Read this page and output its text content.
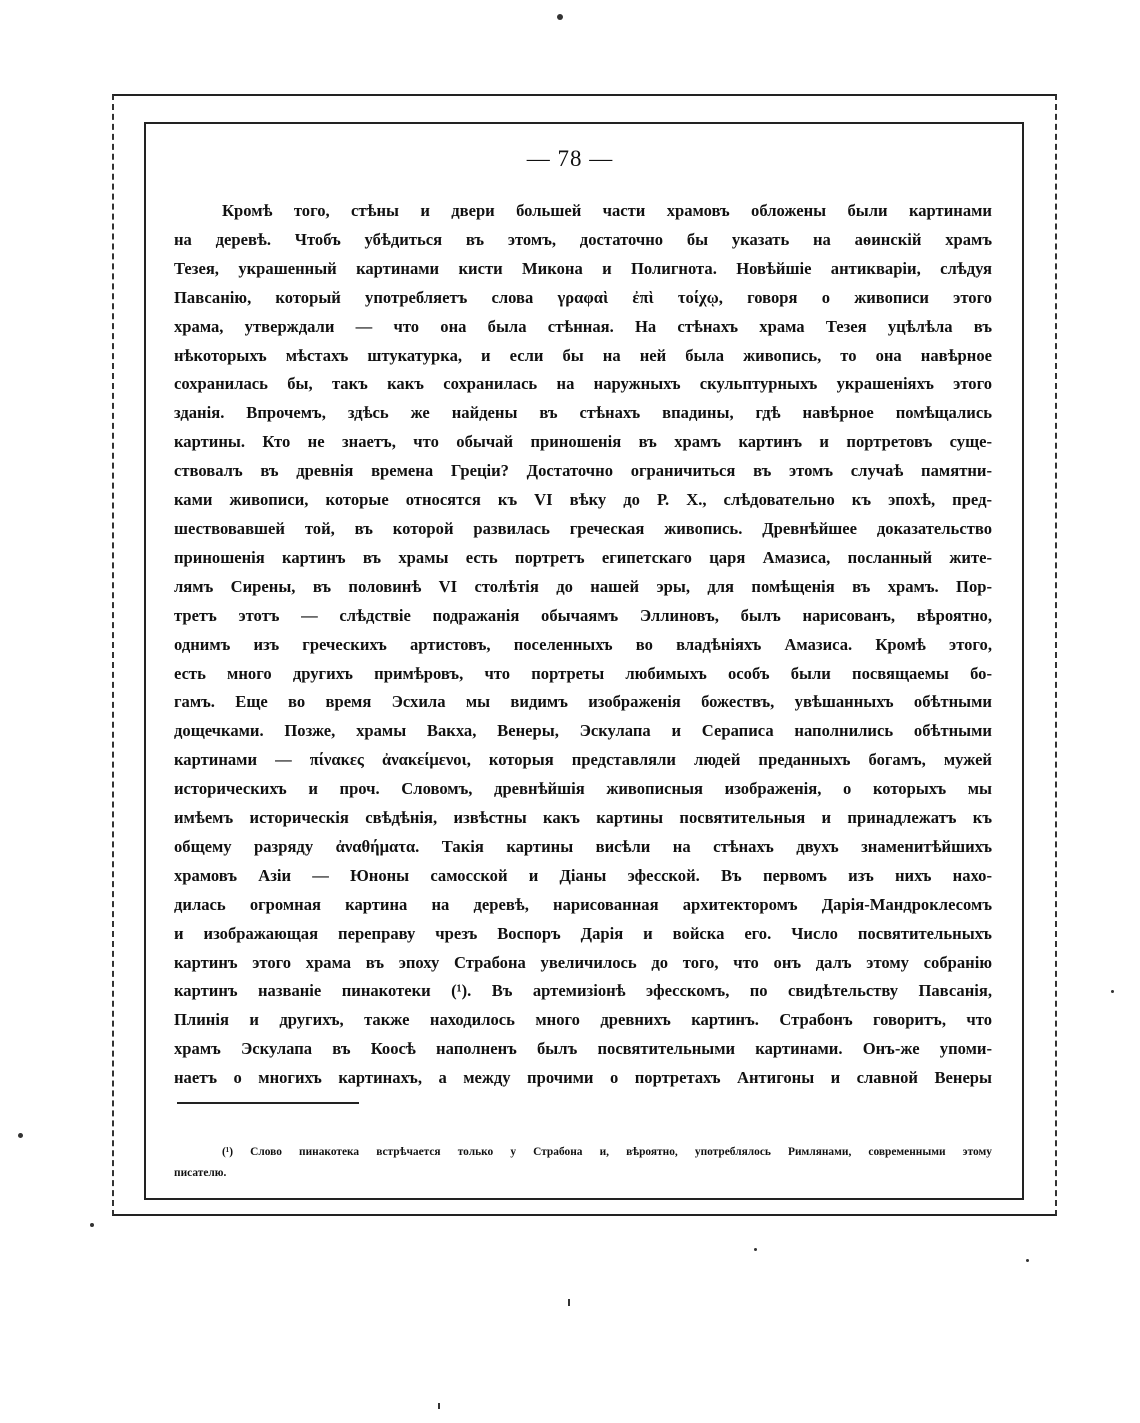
— 78 —
Кромѣ того, стѣны и двери большей части храмовъ обложены были картинами
на деревѣ. Чтобъ убѣдиться въ этомъ, достаточно бы указать на аѳинскій храмъ
Тезея, украшенный картинами кисти Микона и Полигнота. Новѣйшіе антикваріи, слѣдуя
Павсанію, который употребляетъ слова γραφαὶ ἐπὶ τοίχῳ, говоря о живописи этого
храма, утверждали — что она была стѣнная. На стѣнахъ храма Тезея уцѣлѣла въ
нѣкоторыхъ мѣстахъ штукатурка, и если бы на ней была живопись, то она навѣрное
сохранилась бы, такъ какъ сохранилась на наружныхъ скульптурныхъ украшеніяхъ этого
зданія. Впрочемъ, здѣсь же найдены въ стѣнахъ впадины, гдѣ навѣрное помѣщались
картины. Кто не знаетъ, что обычай приношенія въ храмъ картинъ и портретовъ суще-
ствовалъ въ древнія времена Греціи? Достаточно ограничиться въ этомъ случаѣ памятни-
ками живописи, которые относятся къ VI вѣку до Р. Х., слѣдовательно къ эпохѣ, пред-
шествовавшей той, въ которой развилась греческая живопись. Древнѣйшее доказательство
приношенія картинъ въ храмы есть портретъ египетскаго царя Амазиса, посланный жите-
лямъ Сирены, въ половинѣ VI столѣтія до нашей эры, для помѣщенія въ храмъ. Пор-
третъ этотъ — слѣдствіе подражанія обычаямъ Эллиновъ, былъ нарисованъ, вѣроятно,
однимъ изъ греческихъ артистовъ, поселенныхъ во владѣніяхъ Амазиса. Кромѣ этого,
есть много другихъ примѣровъ, что портреты любимыхъ особъ были посвящаемы бо-
гамъ. Еще во время Эсхила мы видимъ изображенія божествъ, увѣшанныхъ обѣтными
дощечками. Позже, храмы Вакха, Венеры, Эскулапа и Сераписа наполнились обѣтными
картинами — πίνακες ἀνακείμενοι, которыя представляли людей преданныхъ богамъ, мужей
историческихъ и проч. Словомъ, древнѣйшія живописныя изображенія, о которыхъ мы
имѣемъ историческія свѣдѣнія, извѣстны какъ картины посвятительныя и принадлежатъ къ
общему разряду ἀναθήματα. Такія картины висѣли на стѣнахъ двухъ знаменитѣйшихъ
храмовъ Азіи — Юноны самосской и Діаны эфесской. Въ первомъ изъ нихъ нахо-
дилась огромная картина на деревѣ, нарисованная архитекторомъ Дарія-Мандроклесомъ
и изображающая переправу чрезъ Воспоръ Дарія и войска его. Число посвятительныхъ
картинъ этого храма въ эпоху Страбона увеличилось до того, что онъ далъ этому собранію
картинъ названіе пинакотеки (¹). Въ артемизіонѣ эфесскомъ, по свидѣтельству Павсанія,
Плинія и другихъ, также находилось много древнихъ картинъ. Страбонъ говоритъ, что
храмъ Эскулапа въ Коосѣ наполненъ былъ посвятительными картинами. Онъ-же упоми-
наетъ о многихъ картинахъ, а между прочими о портретахъ Антигоны и славной Венеры
(¹) Слово пинакотека встрѣчается только у Страбона и, вѣроятно, употреблялось Римлянами, современными этому
писателю.
